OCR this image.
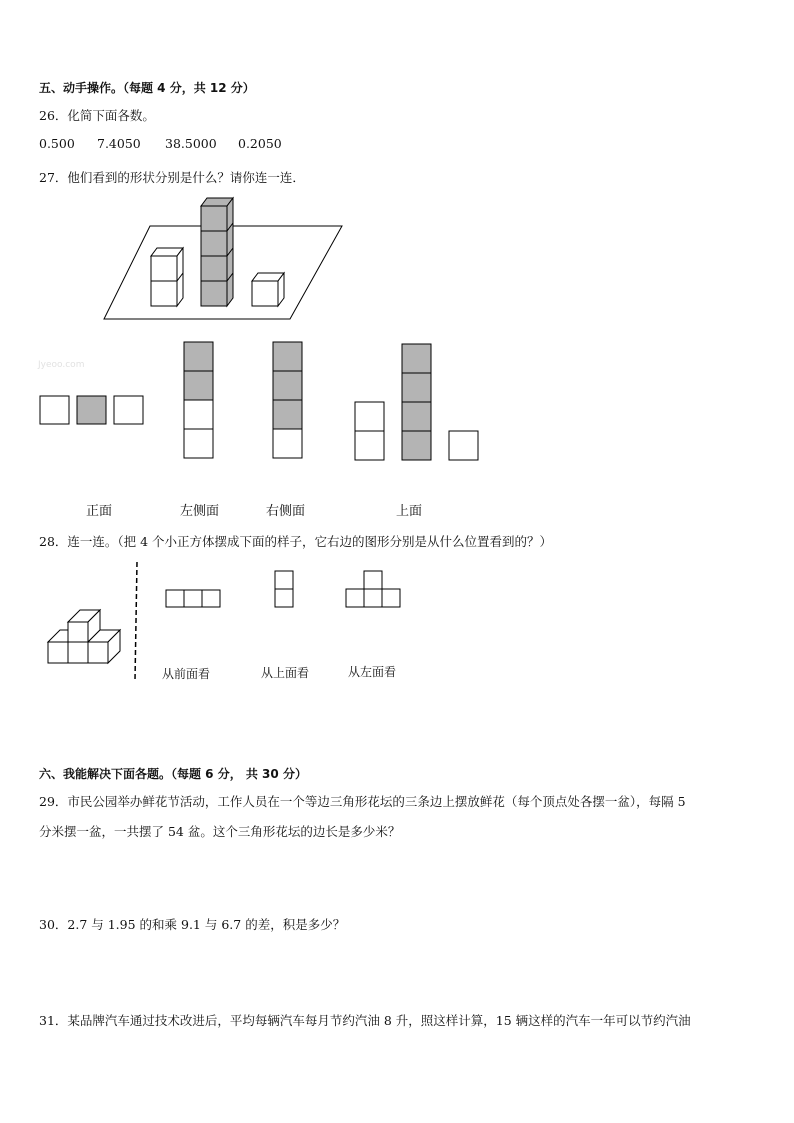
五、动手操作。（每题 4 分，共 12 分）
26．化简下面各数。
0.500 7.4050 38.5000 0.2050
27．他们看到的形状分别是什么？请你连一连．
Jyeoo.com
正面	左侧面	右侧面	上面
28．连一连。（把 4 个小正方体摆成下面的样子，它右边的图形分别是从什么位置看到的？）
从前面看	从上面看	从左面看
六、我能解决下面各题。（每题 6 分， 共 30 分）
29．市民公园举办鲜花节活动，工作人员在一个等边三角形花坛的三条边上摆放鲜花（每个顶点处各摆一盆），每隔 5
分米摆一盆，一共摆了 54 盆。这个三角形花坛的边长是多少米？
30．2.7 与 1.95 的和乘 9.1 与 6.7 的差，积是多少？
31．某品牌汽车通过技术改进后，平均每辆汽车每月节约汽油 8 升，照这样计算，15 辆这样的汽车一年可以节约汽油
